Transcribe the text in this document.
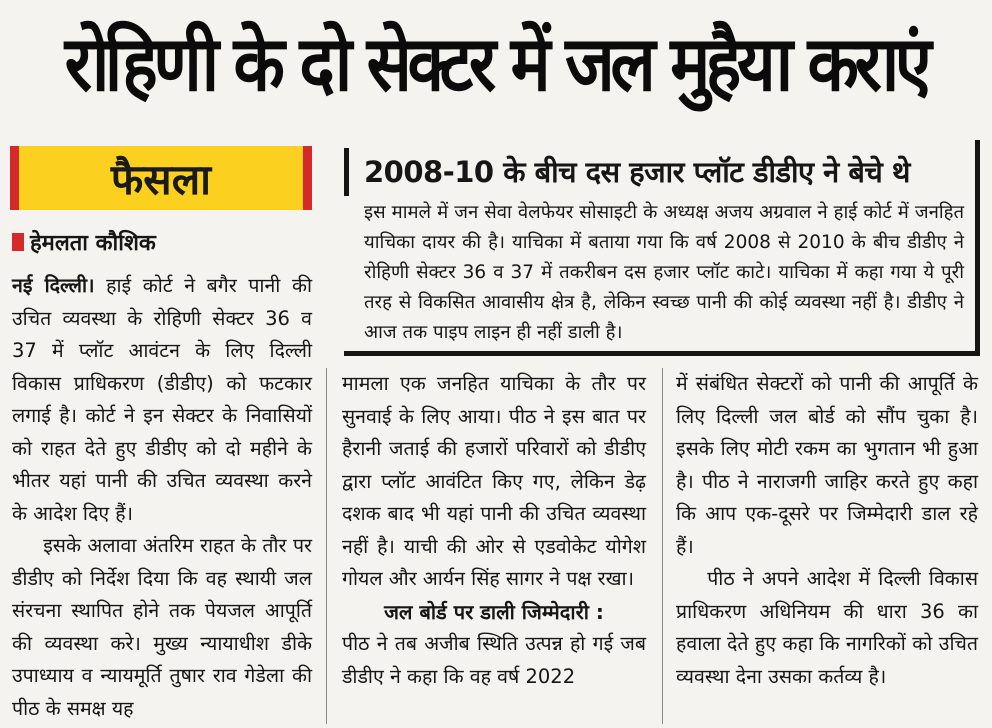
रोहिणी के दो सेक्टर में जल मुहैया कराएं
फैसला
हेमलता कौशिक
2008-10 के बीच दस हजार प्लॉट डीडीए ने बेचे थे

इस मामले में जन सेवा वेलफेयर सोसाइटी के अध्यक्ष अजय अग्रवाल ने हाई कोर्ट में जनहित याचिका दायर की है। याचिका में बताया गया कि वर्ष 2008 से 2010 के बीच डीडीए ने रोहिणी सेक्टर 36 व 37 में तकरीबन दस हजार प्लॉट काटे। याचिका में कहा गया ये पूरी तरह से विकसित आवासीय क्षेत्र है, लेकिन स्वच्छ पानी की कोई व्यवस्था नहीं है। डीडीए ने आज तक पाइप लाइन ही नहीं डाली है।

नई दिल्ली। हाई कोर्ट ने बगैर पानी की उचित व्यवस्था के रोहिणी सेक्टर 36 व 37 में प्लॉट आवंटन के लिए दिल्ली विकास प्राधिकरण (डीडीए) को फटकार लगाई है। कोर्ट ने इन सेक्टर के निवासियों को राहत देते हुए डीडीए को दो महीने के भीतर यहां पानी की उचित व्यवस्था करने के आदेश दिए हैं।

इसके अलावा अंतरिम राहत के तौर पर डीडीए को निर्देश दिया कि वह स्थायी जल संरचना स्थापित होने तक पेयजल आपूर्ति की व्यवस्था करे। मुख्य न्यायाधीश डीके उपाध्याय व न्यायमूर्ति तुषार राव गेडेला की पीठ के समक्ष यह

मामला एक जनहित याचिका के तौर पर सुनवाई के लिए आया। पीठ ने इस बात पर हैरानी जताई की हजारों परिवारों को डीडीए द्वारा प्लॉट आवंटित किए गए, लेकिन डेढ़ दशक बाद भी यहां पानी की उचित व्यवस्था नहीं है। याची की ओर से एडवोकेट योगेश गोयल और आर्यन सिंह सागर ने पक्ष रखा।

जल बोर्ड पर डाली जिम्मेदारी :

पीठ ने तब अजीब स्थिति उत्पन्न हो गई जब डीडीए ने कहा कि वह वर्ष 2022

में संबंधित सेक्टरों को पानी की आपूर्ति के लिए दिल्ली जल बोर्ड को सौंप चुका है। इसके लिए मोटी रकम का भुगतान भी हुआ है। पीठ ने नाराजगी जाहिर करते हुए कहा कि आप एक-दूसरे पर जिम्मेदारी डाल रहे हैं।

पीठ ने अपने आदेश में दिल्ली विकास प्राधिकरण अधिनियम की धारा 36 का हवाला देते हुए कहा कि नागरिकों को उचित व्यवस्था देना उसका कर्तव्य है।
